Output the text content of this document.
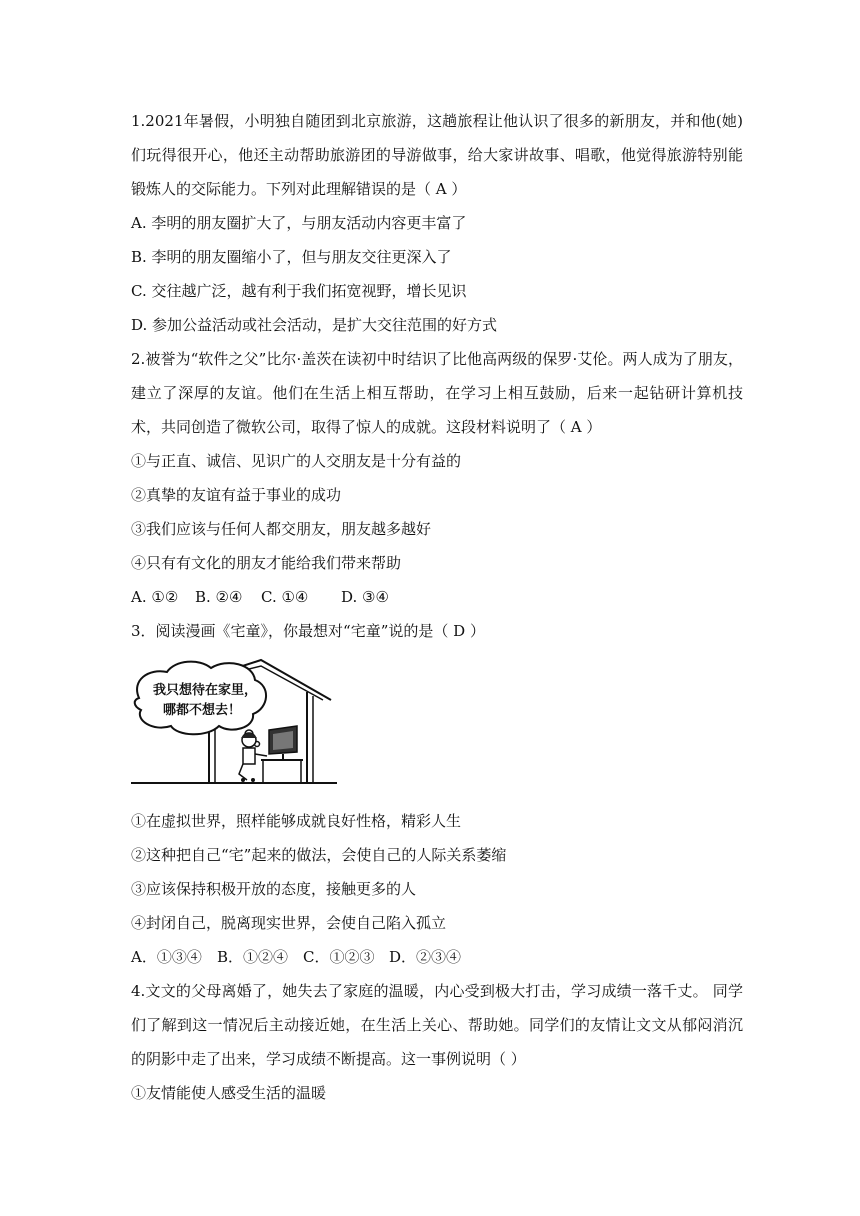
1.2021年暑假，小明独自随团到北京旅游，这趟旅程让他认识了很多的新朋友，并和他(她)们玩得很开心，他还主动帮助旅游团的导游做事，给大家讲故事、唱歌，他觉得旅游特别能锻炼人的交际能力。下列对此理解错误的是（ A ）
A. 李明的朋友圈扩大了，与朋友活动内容更丰富了
B. 李明的朋友圈缩小了，但与朋友交往更深入了
C. 交往越广泛，越有利于我们拓宽视野，增长见识
D. 参加公益活动或社会活动，是扩大交往范围的好方式
2.被誉为“软件之父”比尔·盖茨在读初中时结识了比他高两级的保罗·艾伦。两人成为了朋友，建立了深厚的友谊。他们在生活上相互帮助，在学习上相互鼓励，后来一起钻研计算机技术，共同创造了微软公司，取得了惊人的成就。这段材料说明了（ A ）
①与正直、诚信、见识广的人交朋友是十分有益的
②真挚的友谊有益于事业的成功
③我们应该与任何人都交朋友，朋友越多越好
④只有有文化的朋友才能给我们带来帮助
A. ①② B. ②④ C. ①④ D. ③④
3．阅读漫画《宅童》，你最想对“宅童”说的是（ D ）
我只想待在家里，
哪都不想去！
①在虚拟世界，照样能够成就良好性格，精彩人生
②这种把自己“宅”起来的做法，会使自己的人际关系萎缩
③应该保持积极开放的态度，接触更多的人
④封闭自己，脱离现实世界，会使自己陷入孤立
A．①③④ B．①②④ C．①②③ D．②③④
4.文文的父母离婚了，她失去了家庭的温暖，内心受到极大打击，学习成绩一落千丈。 同学们了解到这一情况后主动接近她，在生活上关心、帮助她。同学们的友情让文文从郁闷消沉的阴影中走了出来，学习成绩不断提高。这一事例说明（ ）
①友情能使人感受生活的温暖
